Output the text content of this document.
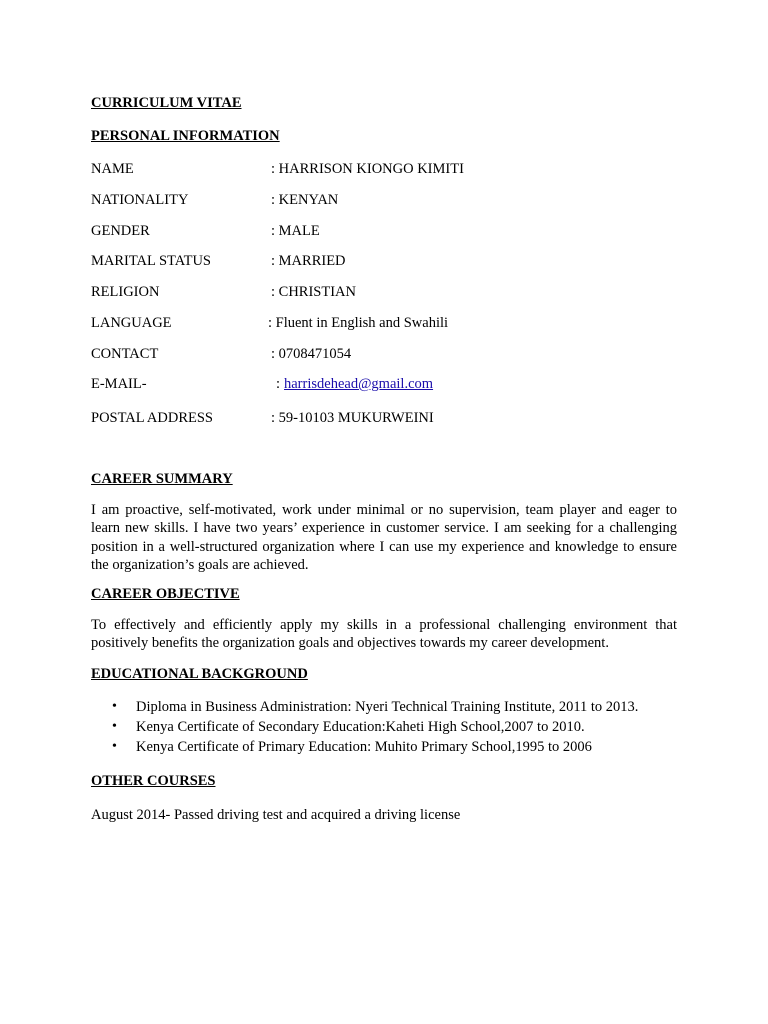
CURRICULUM VITAE
PERSONAL INFORMATION
NAME	: HARRISON KIONGO KIMITI
NATIONALITY	: KENYAN
GENDER	: MALE
MARITAL STATUS	: MARRIED
RELIGION	: CHRISTIAN
LANGUAGE	: Fluent in English and Swahili
CONTACT	: 0708471054
E-MAIL-	: harrisdehead@gmail.com
POSTAL ADDRESS	: 59-10103 MUKURWEINI
CAREER SUMMARY
I am proactive, self-motivated, work under minimal or no supervision, team player and eager to learn new skills. I have two years’ experience in customer service. I am seeking for a challenging position in a well-structured organization where I can use my experience and knowledge to ensure the organization’s goals are achieved.
CAREER OBJECTIVE
To effectively and efficiently apply my skills in a professional challenging environment that positively benefits the organization goals and objectives towards my career development.
EDUCATIONAL BACKGROUND
• Diploma in Business Administration: Nyeri Technical Training Institute, 2011 to 2013.
• Kenya Certificate of Secondary Education:Kaheti High School,2007 to 2010.
• Kenya Certificate of Primary Education: Muhito Primary School,1995 to 2006
OTHER COURSES
August 2014- Passed driving test and acquired a driving license
